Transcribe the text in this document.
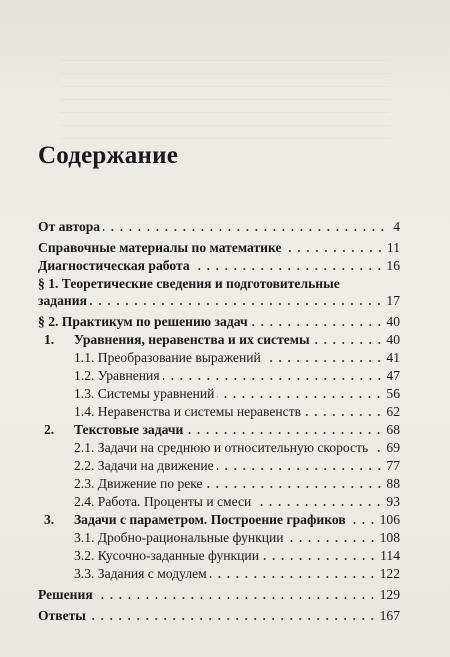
Содержание
От автора	4
Справочные материалы по математике	11
Диагностическая работа	16
§ 1. Теоретические сведения и подготовительные
задания	17
§ 2. Практикум по решению задач	40
1.	Уравнения, неравенства и их системы	40
1.1. Преобразование выражений	41
1.2. Уравнения	47
1.3. Системы уравнений	56
1.4. Неравенства и системы неравенств	62
2.	Текстовые задачи	68
2.1. Задачи на среднюю и относительную скорость 69
2.2. Задачи на движение	77
2.3. Движение по реке	88
2.4. Работа. Проценты и смеси	93
3.	Задачи с параметром. Построение графиков 106
3.1. Дробно-рациональные функции	108
3.2. Кусочно-заданные функции	114
3.3. Задания с модулем	122
Решения	129
Ответы	167
